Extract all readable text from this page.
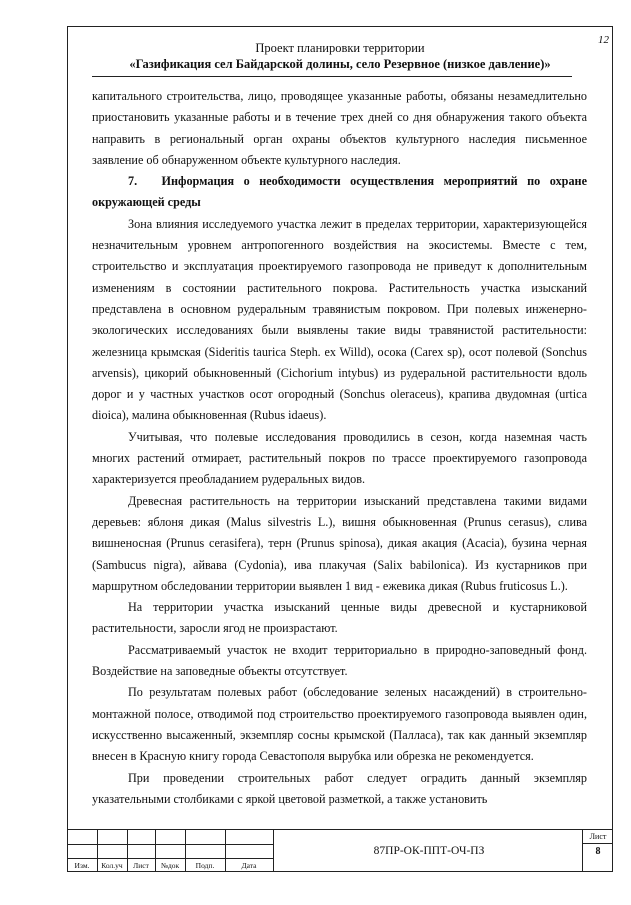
12
Проект планировки территории
«Газификация сел Байдарской долины, село Резервное (низкое давление)»

капитального строительства, лицо, проводящее указанные работы, обязаны незамедлительно приостановить указанные работы и в течение трех дней со дня обнаружения такого объекта направить в региональный орган охраны объектов культурного наследия письменное заявление об обнаруженном объекте культурного наследия.

7.  Информация о необходимости осуществления мероприятий по охране окружающей среды

Зона влияния исследуемого участка лежит в пределах территории, характеризующейся незначительным уровнем антропогенного воздействия на экосистемы. Вместе с тем, строительство и эксплуатация проектируемого газопровода не приведут к дополнительным изменениям в состоянии растительного покрова. Растительность участка изысканий представлена в основном рудеральным травянистым покровом. При полевых инженерно-экологических исследованиях были выявлены такие виды травянистой растительности: железница крымская (Sideritis taurica Steph. ex Willd), осока (Carex sp), осот полевой (Sonchus arvensis), цикорий обыкновенный (Cichorium intybus) из рудеральной растительности вдоль дорог и у частных участков осот огородный (Sonchus oleraceus), крапива двудомная (urtica dioica), малина обыкновенная (Rubus idaeus).

Учитывая, что полевые исследования проводились в сезон, когда наземная часть многих растений отмирает, растительный покров по трассе проектируемого газопровода характеризуется преобладанием рудеральных видов.

Древесная растительность на территории изысканий представлена такими видами деревьев: яблоня дикая (Malus silvestris L.), вишня обыкновенная (Prunus cerasus), слива вишненосная (Prunus cerasifera), терн (Prunus spinosa), дикая акация (Acacia), бузина черная (Sambucus nigra), айвава (Cydonia), ива плакучая (Salix babilonica). Из кустарников при маршрутном обследовании территории выявлен 1 вид - ежевика дикая (Rubus fruticosus L.).

На территории участка изысканий ценные виды древесной и кустарниковой растительности, заросли ягод не произрастают.

Рассматриваемый участок не входит территориально в природно-заповедный фонд. Воздействие на заповедные объекты отсутствует.

По результатам полевых работ (обследование зеленых насаждений) в строительно-монтажной полосе, отводимой под строительство проектируемого газопровода выявлен один, искусственно высаженный, экземпляр сосны крымской (Палласа), так как данный экземпляр внесен в Красную книгу города Севастополя вырубка или обрезка не рекомендуется.

При проведении строительных работ следует оградить данный экземпляр указательными столбиками с яркой цветовой разметкой, а также установить

Изм.	Кол.уч	Лист	№док	Подп.	Дата
87ПР-ОК-ППТ-ОЧ-ПЗ
Лист
8
